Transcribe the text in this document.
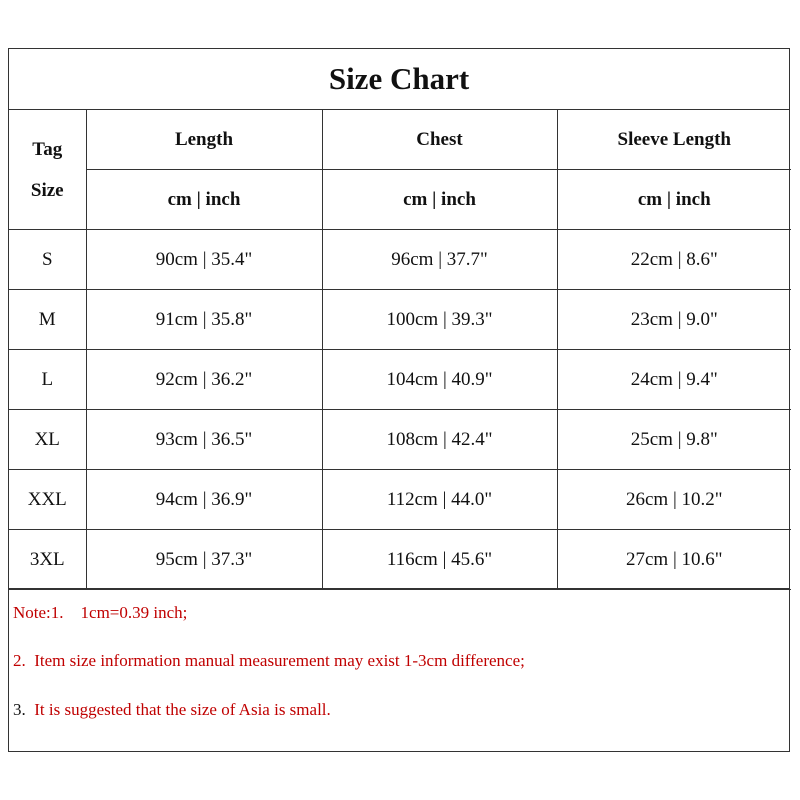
Size Chart
Tag
Size	Length	Chest	Sleeve Length
	cm | inch	cm | inch	cm | inch
S	90cm | 35.4"	96cm | 37.7"	22cm | 8.6"
M	91cm | 35.8"	100cm | 39.3"	23cm | 9.0"
L	92cm | 36.2"	104cm | 40.9"	24cm | 9.4"
XL	93cm | 36.5"	108cm | 42.4"	25cm | 9.8"
XXL	94cm | 36.9"	112cm | 44.0"	26cm | 10.2"
3XL	95cm | 37.3"	116cm | 45.6"	27cm | 10.6"
Note:1. 1cm=0.39 inch;
2. Item size information manual measurement may exist 1-3cm difference;
3. It is suggested that the size of Asia is small.
